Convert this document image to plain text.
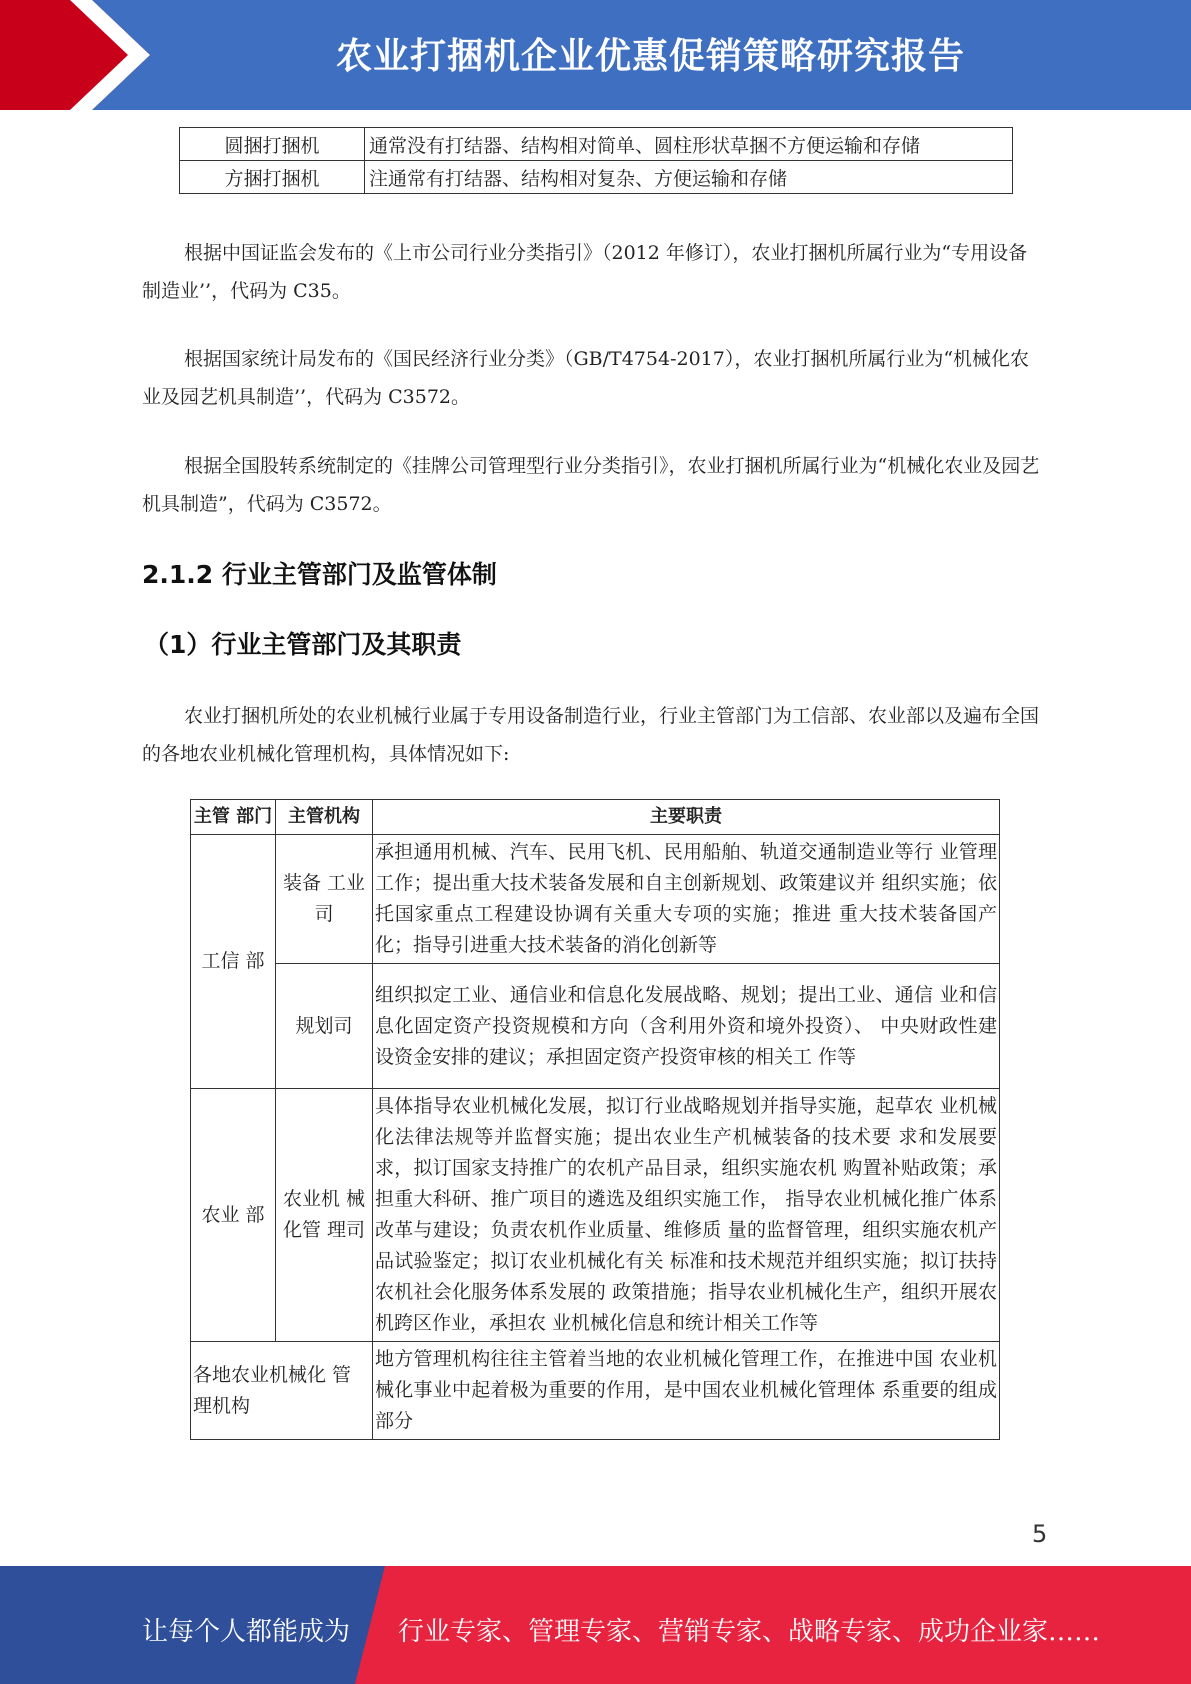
农业打捆机企业优惠促销策略研究报告
圆捆打捆机	通常没有打结器、结构相对简单、圆柱形状草捆不方便运输和存储
方捆打捆机	注通常有打结器、结构相对复杂、方便运输和存储
根据中国证监会发布的《上市公司行业分类指引》（2012 年修订），农业打捆机所属行业为“专用设备制造业’’，代码为 C35。
根据国家统计局发布的《国民经济行业分类》（GB/T4754-2017），农业打捆机所属行业为“机械化农业及园艺机具制造’’，代码为 C3572。
根据全国股转系统制定的《挂牌公司管理型行业分类指引》，农业打捆机所属行业为“机械化农业及园艺机具制造”，代码为 C3572。
2.1.2 行业主管部门及监管体制
（1）行业主管部门及其职责
农业打捆机所处的农业机械行业属于专用设备制造行业，行业主管部门为工信部、农业部以及遍布全国的各地农业机械化管理机构，具体情况如下:
主管 部门	主管机构	主要职责
工信 部	装备 工业司	承担通用机械、汽车、民用飞机、民用船舶、轨道交通制造业等行 业管理工作；提出重大技术装备发展和自主创新规划、政策建议并 组织实施；依托国家重点工程建设协调有关重大专项的实施；推进 重大技术装备国产化；指导引进重大技术装备的消化创新等
	规划司	组织拟定工业、通信业和信息化发展战略、规划；提出工业、通信 业和信息化固定资产投资规模和方向（含利用外资和境外投资）、 中央财政性建设资金安排的建议；承担固定资产投资审核的相关工 作等
农业 部	农业机 械化管 理司	具体指导农业机械化发展，拟订行业战略规划并指导实施，起草农 业机械化法律法规等并监督实施；提出农业生产机械装备的技术要 求和发展要求，拟订国家支持推广的农机产品目录，组织实施农机 购置补贴政策；承担重大科研、推广项目的遴选及组织实施工作， 指导农业机械化推广体系改革与建设；负责农机作业质量、维修质 量的监督管理，组织实施农机产品试验鉴定；拟订农业机械化有关 标准和技术规范并组织实施；拟订扶持农机社会化服务体系发展的 政策措施；指导农业机械化生产，组织开展农机跨区作业，承担农 业机械化信息和统计相关工作等
各地农业机械化 管理机构		地方管理机构往往主管着当地的农业机械化管理工作，在推进中国 农业机械化事业中起着极为重要的作用，是中国农业机械化管理体 系重要的组成部分
5
让每个人都能成为 行业专家、管理专家、营销专家、战略专家、成功企业家……
